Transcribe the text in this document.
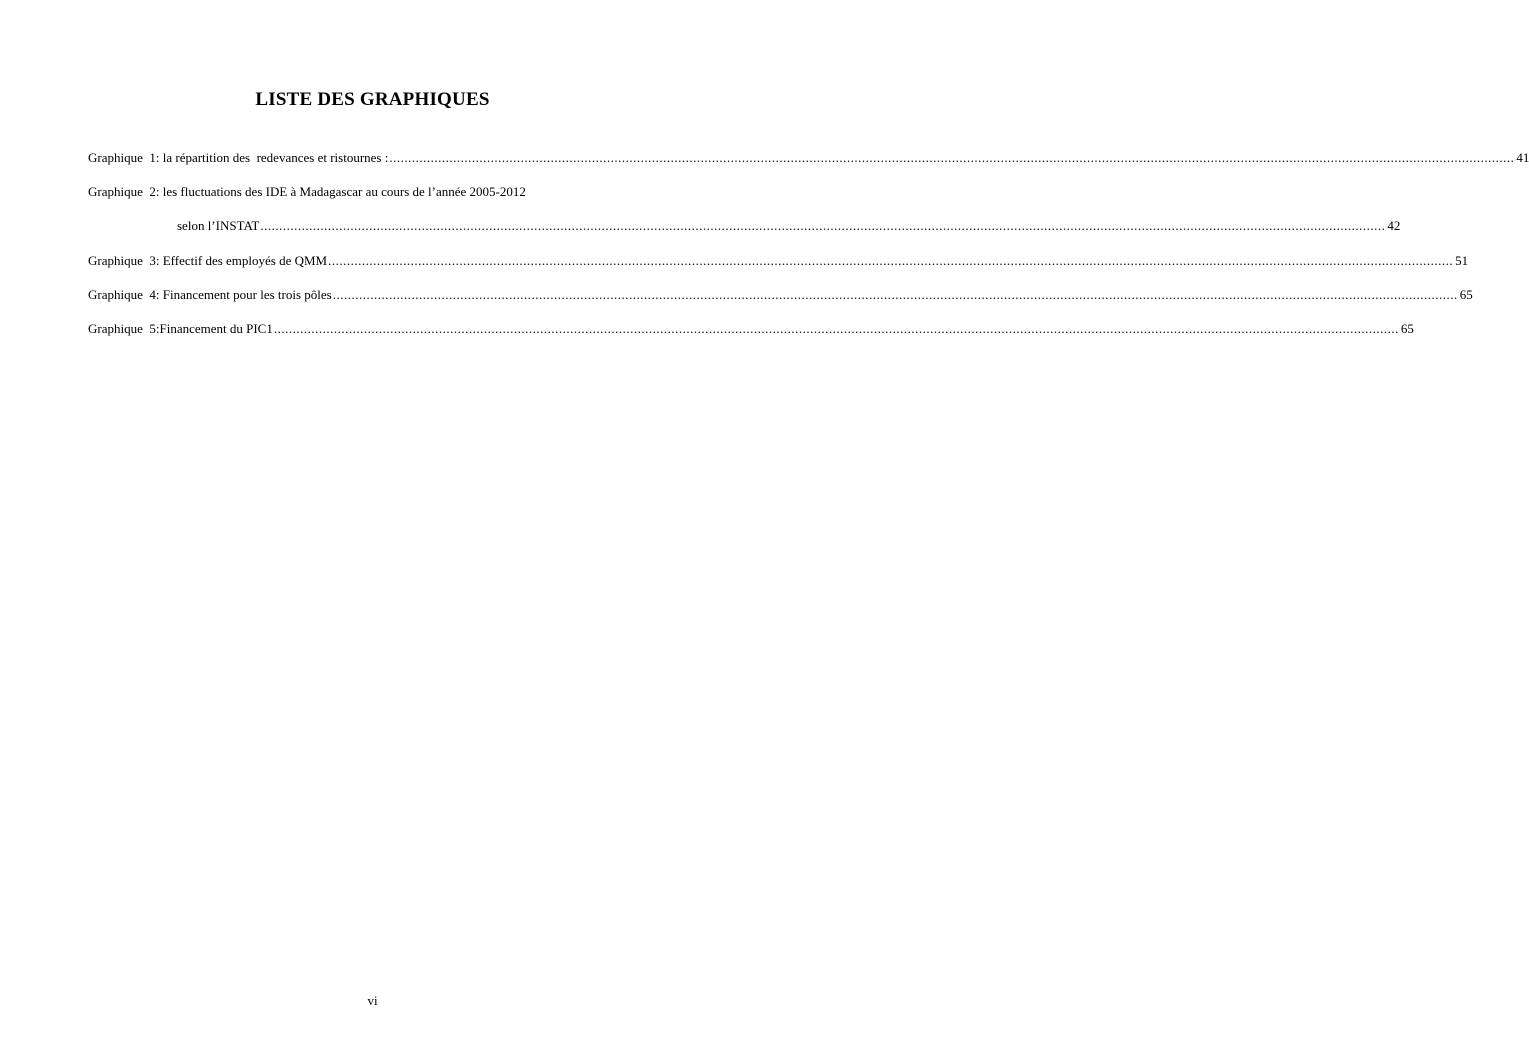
LISTE DES GRAPHIQUES
Graphique  1: la répartition des  redevances et ristournes : ............................................................................................................................................................................................................................................................................................................ 41
Graphique  2: les fluctuations des IDE à Madagascar au cours de l’année 2005-2012
selon l’INSTAT ............................................................................................................................................................................................................................................................................................................ 42
Graphique  3: Effectif des employés de QMM ............................................................................................................................................................................................................................................................................................................ 51
Graphique  4: Financement pour les trois pôles ............................................................................................................................................................................................................................................................................................................ 65
Graphique  5:Financement du PIC1 ............................................................................................................................................................................................................................................................................................................ 65
vi
